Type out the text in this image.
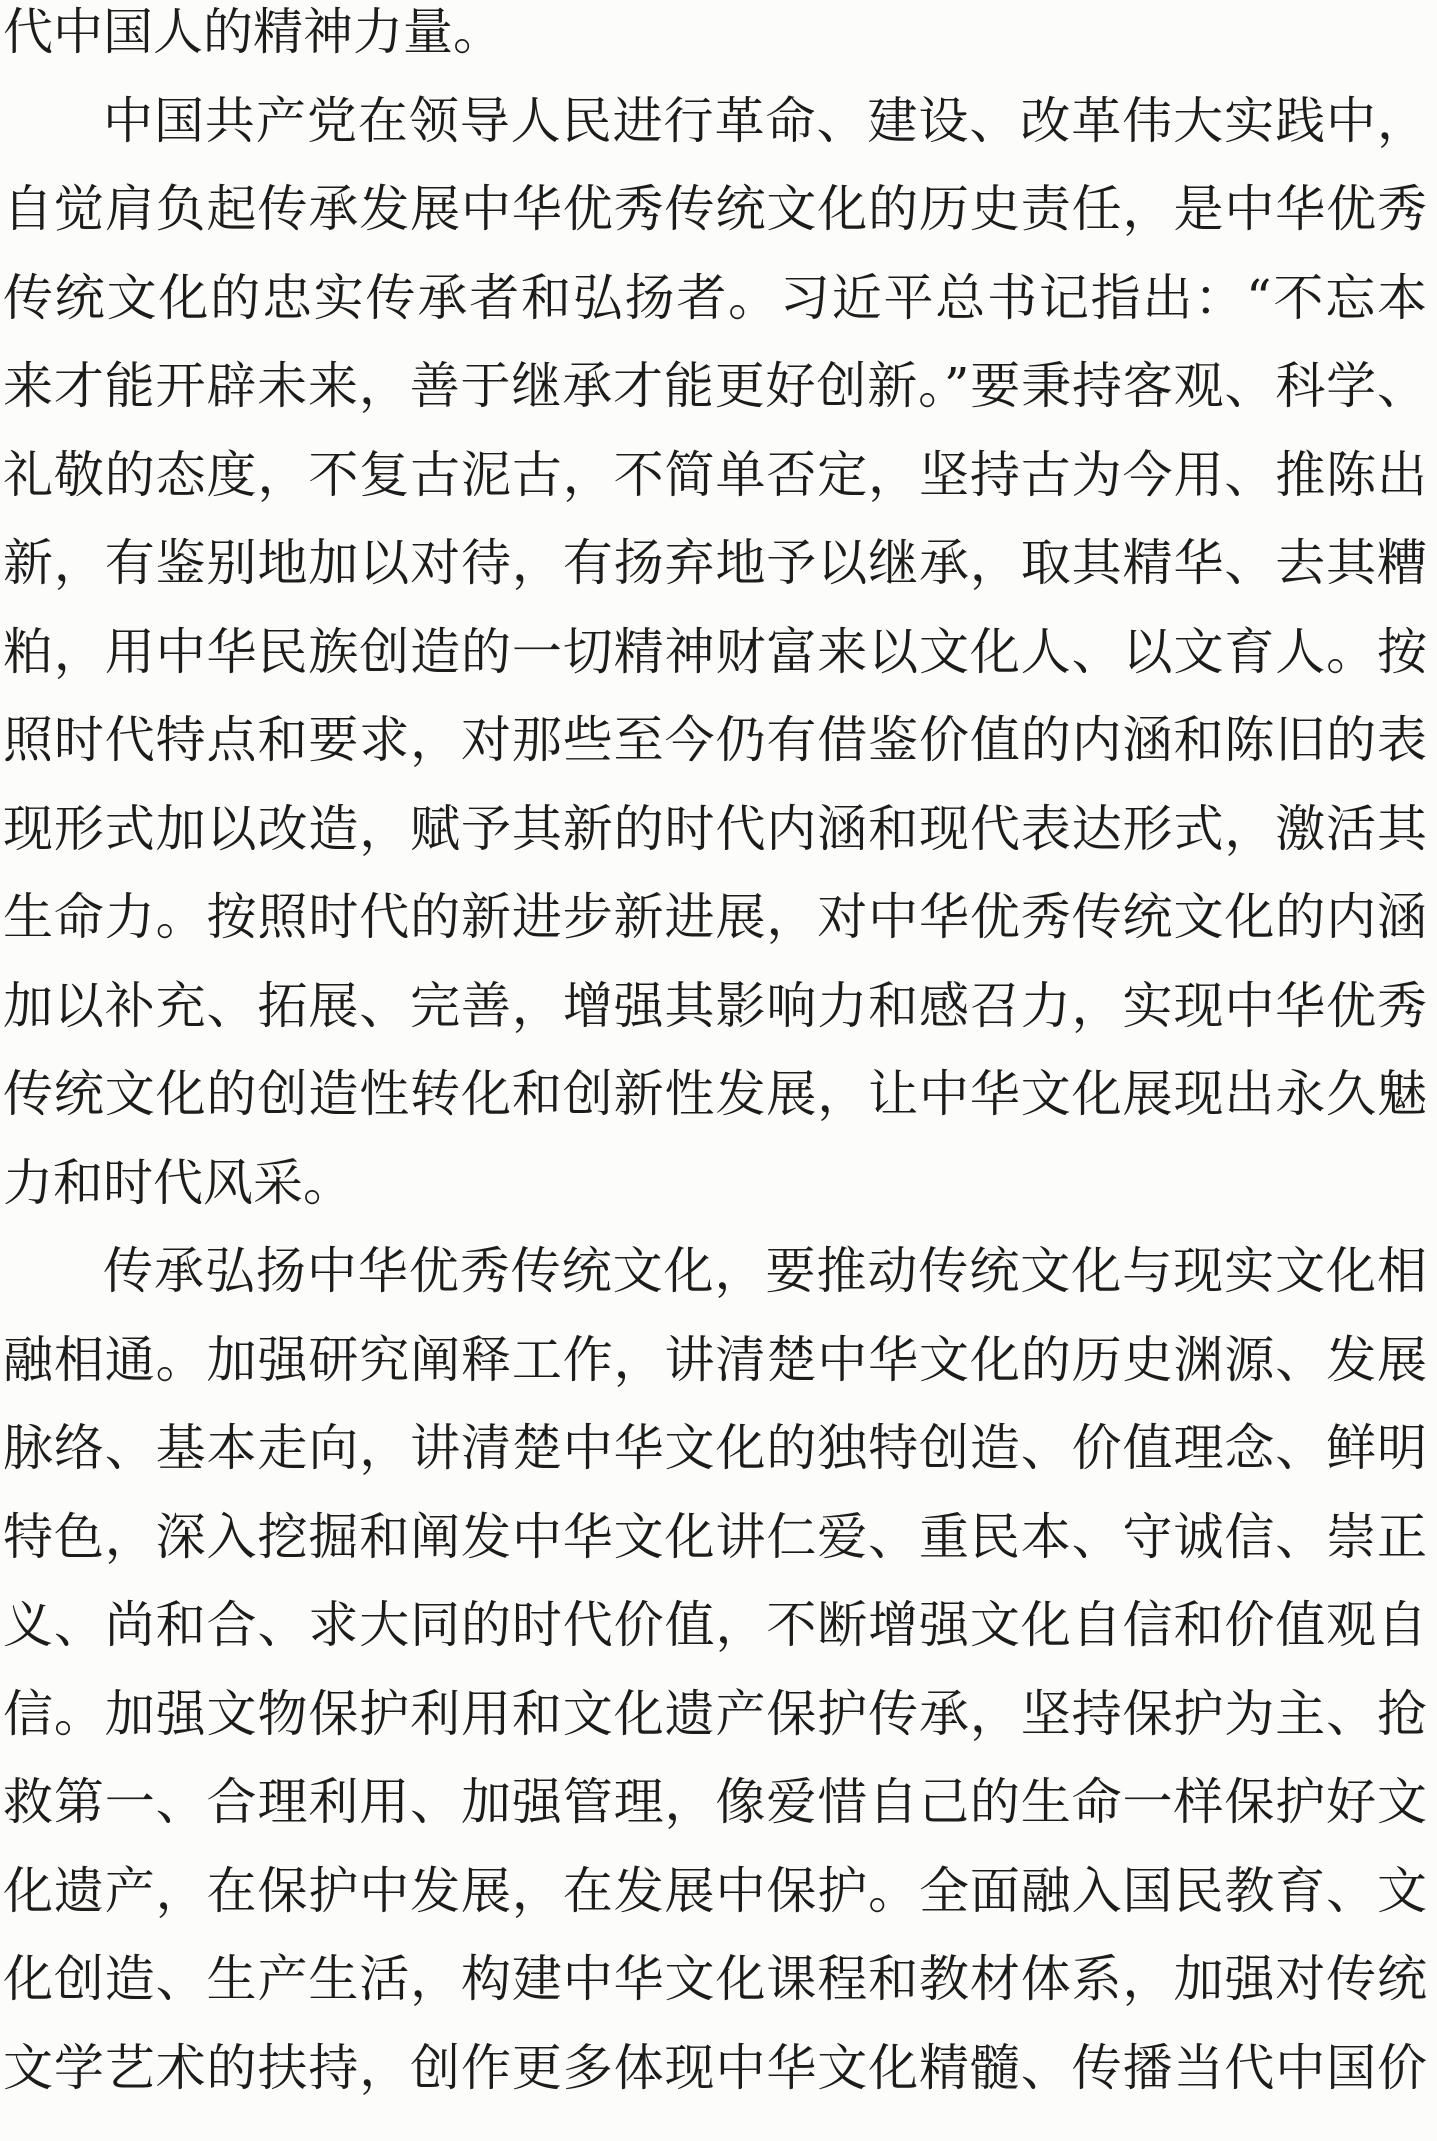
代中国人的精神力量。
中国共产党在领导人民进行革命、建设、改革伟大实践中，
自觉肩负起传承发展中华优秀传统文化的历史责任，是中华优秀
传统文化的忠实传承者和弘扬者。习近平总书记指出：“不忘本
来才能开辟未来，善于继承才能更好创新。”要秉持客观、科学、
礼敬的态度，不复古泥古，不简单否定，坚持古为今用、推陈出
新，有鉴别地加以对待，有扬弃地予以继承，取其精华、去其糟
粕，用中华民族创造的一切精神财富来以文化人、以文育人。按
照时代特点和要求，对那些至今仍有借鉴价值的内涵和陈旧的表
现形式加以改造，赋予其新的时代内涵和现代表达形式，激活其
生命力。按照时代的新进步新进展，对中华优秀传统文化的内涵
加以补充、拓展、完善，增强其影响力和感召力，实现中华优秀
传统文化的创造性转化和创新性发展，让中华文化展现出永久魅
力和时代风采。
传承弘扬中华优秀传统文化，要推动传统文化与现实文化相
融相通。加强研究阐释工作，讲清楚中华文化的历史渊源、发展
脉络、基本走向，讲清楚中华文化的独特创造、价值理念、鲜明
特色，深入挖掘和阐发中华文化讲仁爱、重民本、守诚信、崇正
义、尚和合、求大同的时代价值，不断增强文化自信和价值观自
信。加强文物保护利用和文化遗产保护传承，坚持保护为主、抢
救第一、合理利用、加强管理，像爱惜自己的生命一样保护好文
化遗产，在保护中发展，在发展中保护。全面融入国民教育、文
化创造、生产生活，构建中华文化课程和教材体系，加强对传统
文学艺术的扶持，创作更多体现中华文化精髓、传播当代中国价
